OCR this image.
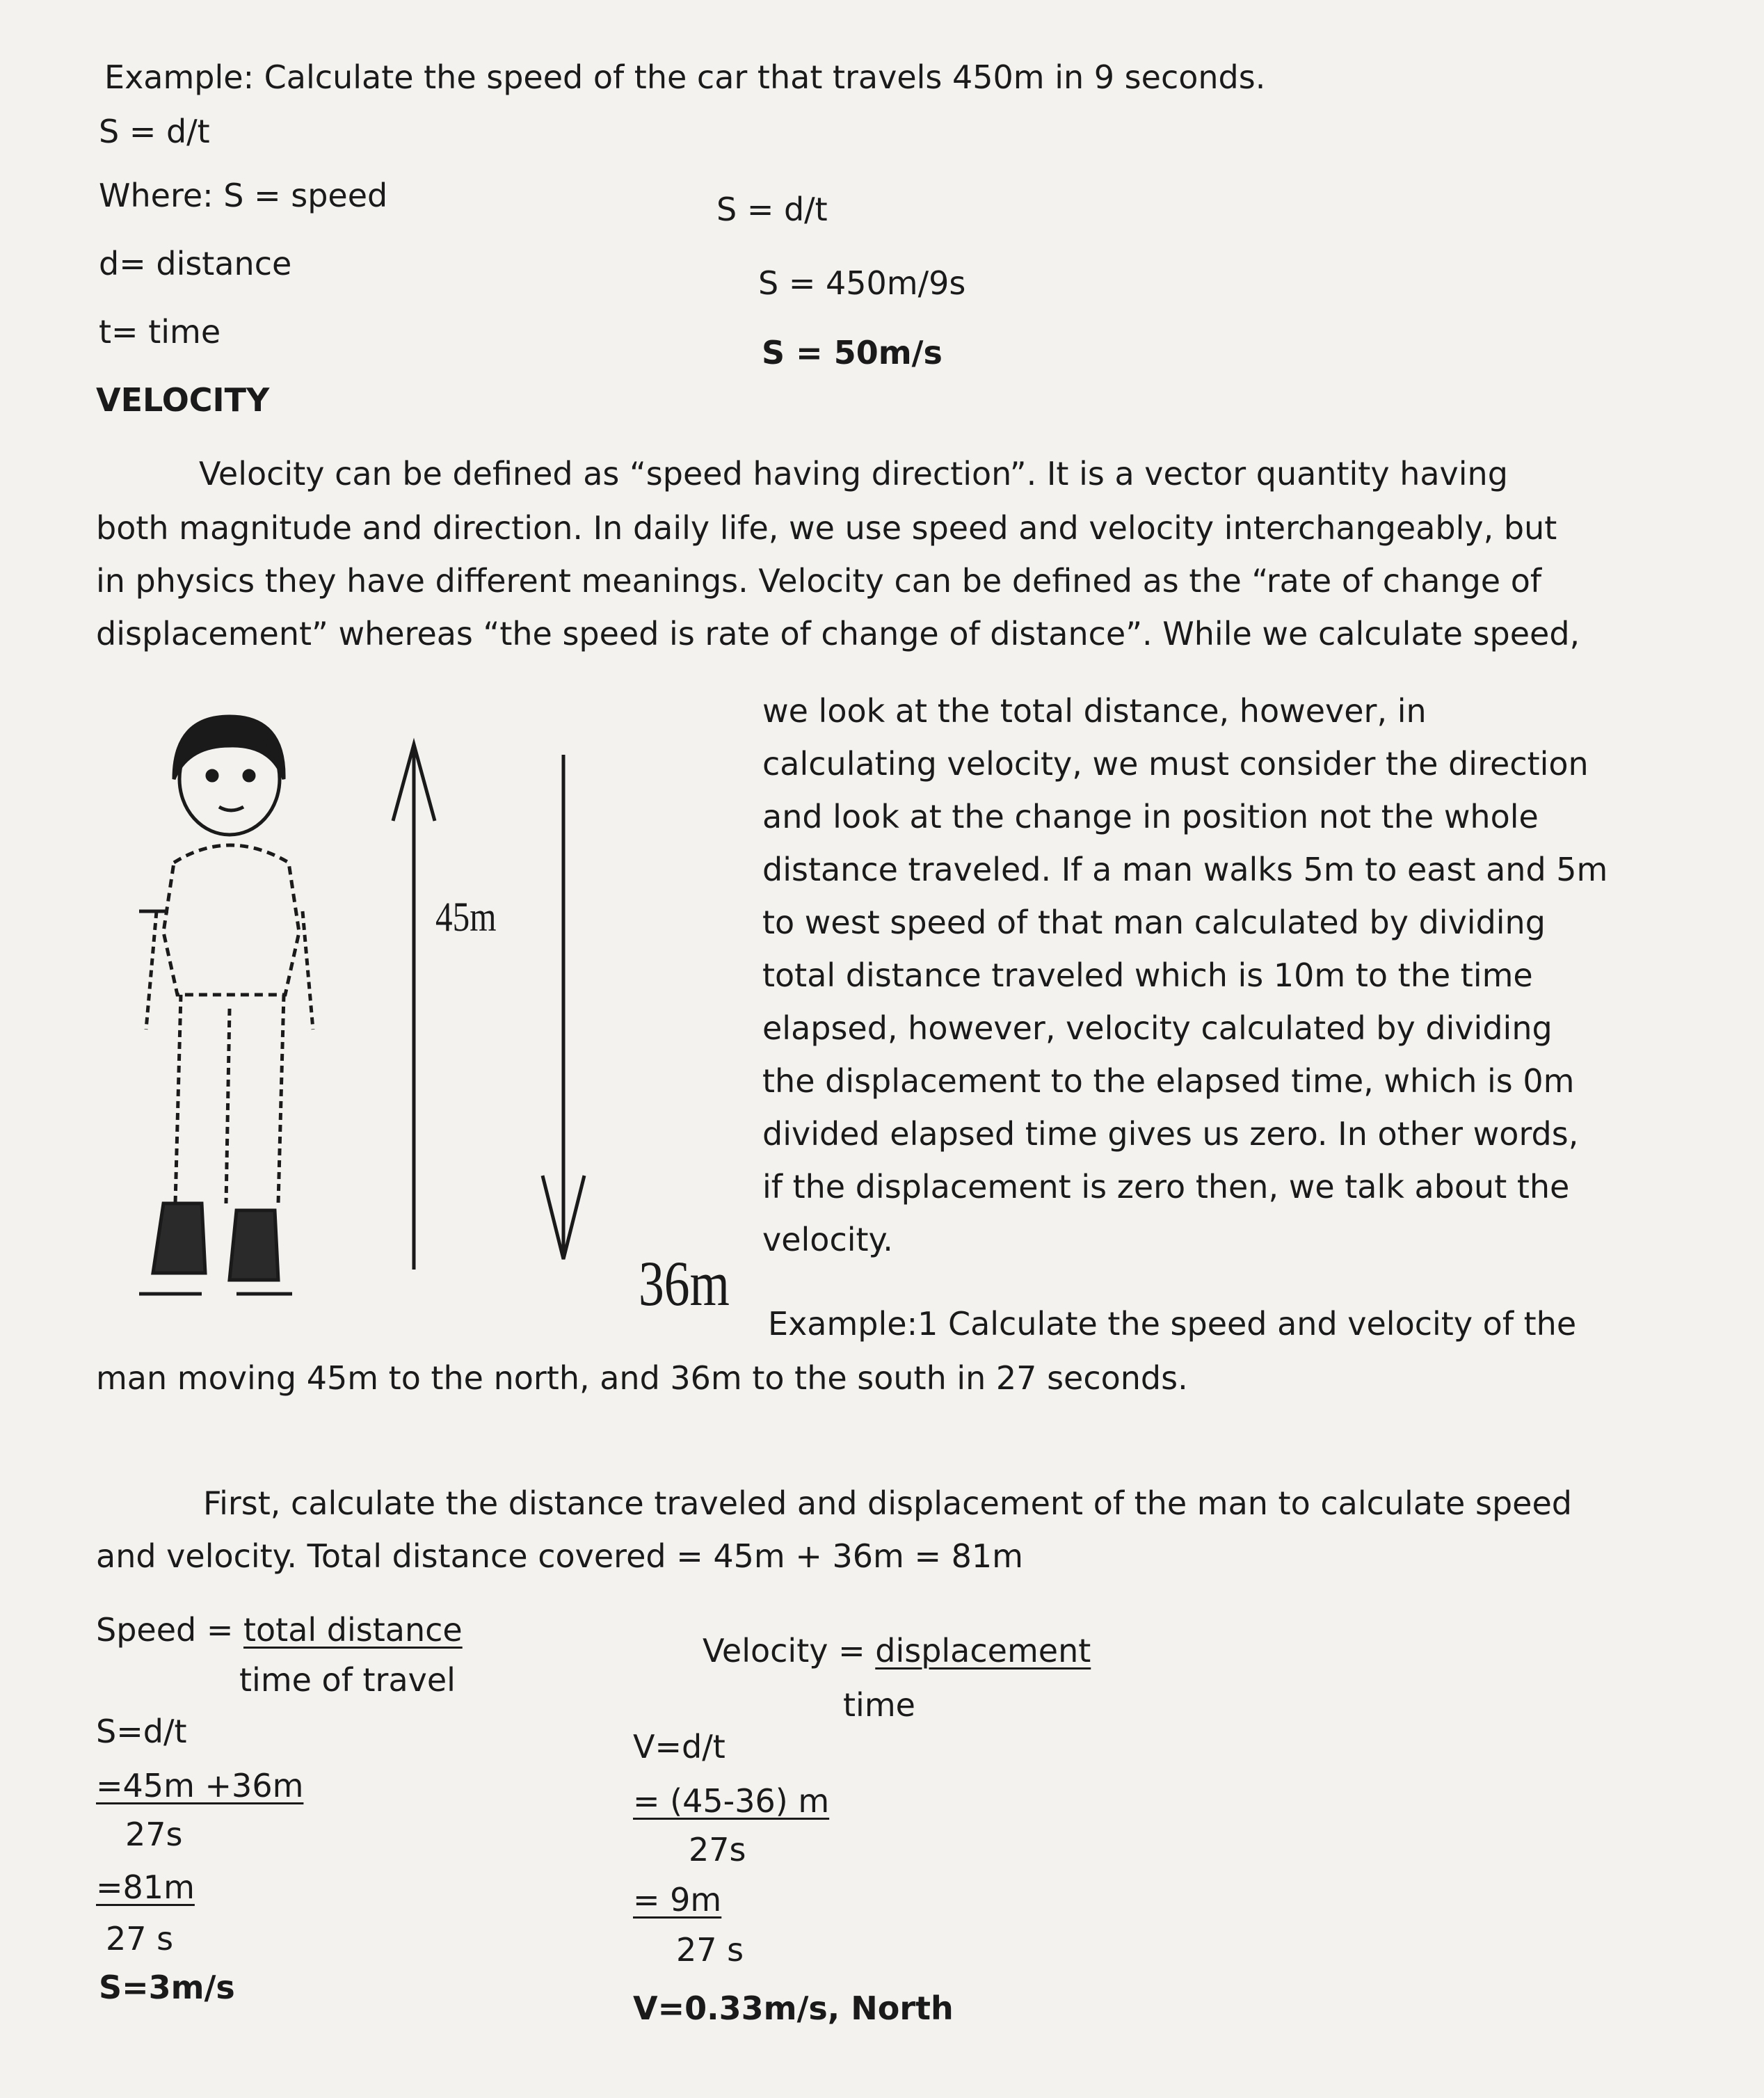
Example: Calculate the speed of the car that travels 450m in 9 seconds.
S = d/t
Where: S = speed
d= distance
t= time
S = d/t
S = 450m/9s
S = 50m/s
VELOCITY
Velocity can be defined as “speed having direction”. It is a vector quantity having
both magnitude and direction. In daily life, we use speed and velocity interchangeably, but
in physics they have different meanings. Velocity can be defined as the “rate of change of
displacement” whereas “the speed is rate of change of distance”. While we calculate speed,

we look at the total distance, however, in

calculating velocity, we must consider the direction

and look at the change in position not the whole

distance traveled. If a man walks 5m to east and 5m

to west speed of that man calculated by dividing

total distance traveled which is 10m to the time

elapsed, however, velocity calculated by dividing

the displacement to the elapsed time, which is 0m

divided elapsed time gives us zero. In other words,

if the displacement is zero then, we talk about the

velocity.

45m
36m
Example:1 Calculate the speed and velocity of the
man moving 45m to the north, and 36m to the south in 27 seconds.
First, calculate the distance traveled and displacement of the man to calculate speed
and velocity. Total distance covered = 45m + 36m = 81m
Speed = total distance
time of travel
S=d/t
=45m +36m
27s
=81m
27 s
S=3m/s
Velocity = displacement
time
V=d/t
= (45-36) m
27s
= 9m
27 s
V=0.33m/s, North
